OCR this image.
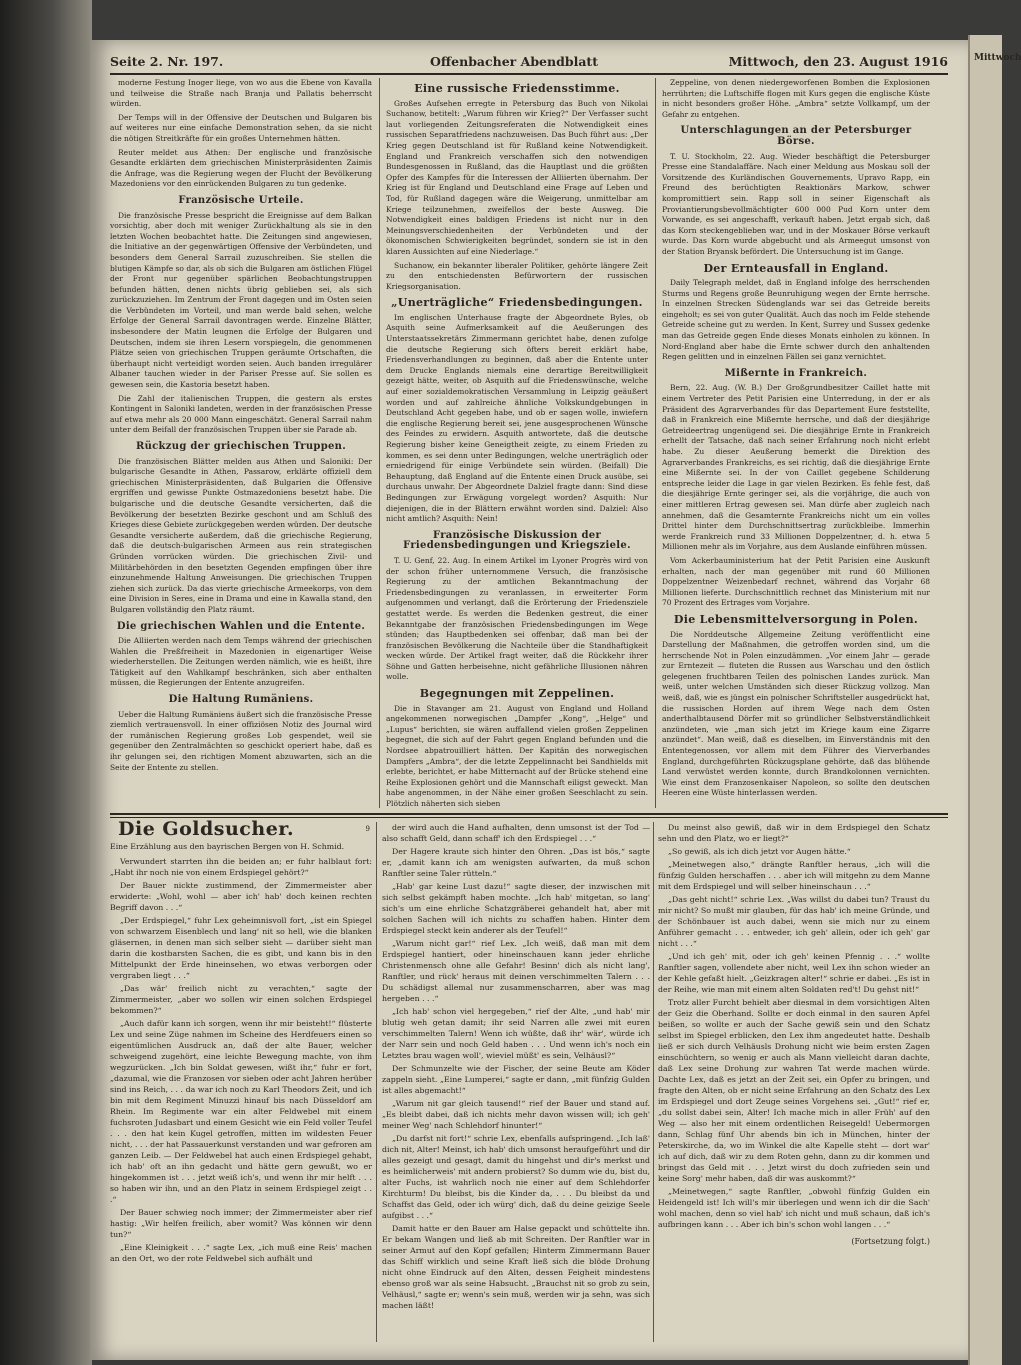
Seite 2. Nr. 197.	Offenbacher Abendblatt	Mittwoch, den 23. August 1916

moderne Festung Inoger liege, von wo aus die Ebene von Kavalla und teilweise die Straße nach Branja und Pallatis beherrscht würden.

Der Temps will in der Offensive der Deutschen und Bulgaren bis auf weiteres nur eine einfache Demonstration sehen, da sie nicht die nötigen Streitkräfte für ein großes Unternehmen hätten.

Reuter meldet aus Athen: Der englische und französische Gesandte erklärten dem griechischen Ministerpräsidenten Zaimis die Anfrage, was die Regierung wegen der Flucht der Bevölkerung Mazedoniens vor den einrückenden Bulgaren zu tun gedenke.

Französische Urteile.

Die französische Presse bespricht die Ereignisse auf dem Balkan vorsichtig, aber doch mit weniger Zurückhaltung als sie in den letzten Wochen beobachtet hatte. Die Zeitungen sind angewiesen, die Initiative an der gegenwärtigen Offensive der Verbündeten, und besonders dem General Sarrail zuzuschreiben. Sie stellen die blutigen Kämpfe so dar, als ob sich die Bulgaren am östlichen Flügel der Front nur gegenüber spärlichen Beobachtungstruppen befunden hätten, denen nichts übrig geblieben sei, als sich zurückzuziehen. Im Zentrum der Front dagegen und im Osten seien die Verbündeten im Vorteil, und man werde bald sehen, welche Erfolge der General Sarrail davontragen werde. Einzelne Blätter, insbesondere der Matin leugnen die Erfolge der Bulgaren und Deutschen, indem sie ihren Lesern vorspiegeln, die genommenen Plätze seien von griechischen Truppen geräumte Ortschaften, die überhaupt nicht verteidigt worden seien. Auch banden irregulärer Albaner tauchen wieder in der Pariser Presse auf. Sie sollen es gewesen sein, die Kastoria besetzt haben.

Die Zahl der italienischen Truppen, die gestern als erstes Kontingent in Saloniki landeten, werden in der französischen Presse auf etwa mehr als 20 000 Mann eingeschätzt. General Sarrail nahm unter dem Beifall der französischen Truppen über sie Parade ab.

Rückzug der griechischen Truppen.

Die französischen Blätter melden aus Athen und Saloniki: Der bulgarische Gesandte in Athen, Passarow, erklärte offiziell dem griechischen Ministerpräsidenten, daß Bulgarien die Offensive ergriffen und gewisse Punkte Ostmazedoniens besetzt habe. Die bulgarische und die deutsche Gesandte versicherten, daß die Bevölkerung der besetzten Bezirke geschont und am Schluß des Krieges diese Gebiete zurückgegeben werden würden. Der deutsche Gesandte versicherte außerdem, daß die griechische Regierung, daß die deutsch-bulgarischen Armeen aus rein strategischen Gründen vorrücken würden. Die griechischen Zivil- und Militärbehörden in den besetzten Gegenden empfingen über ihre einzunehmende Haltung Anweisungen. Die griechischen Truppen ziehen sich zurück. Da das vierte griechische Armeekorps, von dem eine Division in Seres, eine in Drama und eine in Kawalla stand, den Bulgaren vollständig den Platz räumt.

Die griechischen Wahlen und die Entente.

Die Alliierten werden nach dem Temps während der griechischen Wahlen die Preßfreiheit in Mazedonien in eigenartiger Weise wiederherstellen. Die Zeitungen werden nämlich, wie es heißt, ihre Tätigkeit auf den Wahlkampf beschränken, sich aber enthalten müssen, die Regierungen der Entente anzugreifen.

Die Haltung Rumäniens.

Ueber die Haltung Rumäniens äußert sich die französische Presse ziemlich vertrauensvoll. In einer offiziösen Notiz des Journal wird der rumänischen Regierung großes Lob gespendet, weil sie gegenüber den Zentralmächten so geschickt operiert habe, daß es ihr gelungen sei, den richtigen Moment abzuwarten, sich an die Seite der Entente zu stellen.

Eine russische Friedensstimme.

Großes Aufsehen erregte in Petersburg das Buch von Nikolai Suchanow, betitelt: „Warum führen wir Krieg?“ Der Verfasser sucht laut vorliegenden Zeitungsreferaten die Notwendigkeit eines russischen Separatfriedens nachzuweisen. Das Buch führt aus: „Der Krieg gegen Deutschland ist für Rußland keine Notwendigkeit. England und Frankreich verschaffen sich den notwendigen Bundesgenossen in Rußland, das die Hauptlast und die größten Opfer des Kampfes für die Interessen der Alliierten übernahm. Der Krieg ist für England und Deutschland eine Frage auf Leben und Tod, für Rußland dagegen wäre die Weigerung, unmittelbar am Kriege teilzunehmen, zweifellos der beste Ausweg. Die Notwendigkeit eines baldigen Friedens ist nicht nur in den Meinungsverschiedenheiten der Verbündeten und der ökonomischen Schwierigkeiten begründet, sondern sie ist in den klaren Aussichten auf eine Niederlage.“

Suchanow, ein bekannter liberaler Politiker, gehörte längere Zeit zu den entschiedensten Befürwortern der russischen Kriegsorganisation.

„Unerträgliche“ Friedensbedingungen.

Im englischen Unterhause fragte der Abgeordnete Byles, ob Asquith seine Aufmerksamkeit auf die Aeußerungen des Unterstaatssekretärs Zimmermann gerichtet habe, denen zufolge die deutsche Regierung sich öfters bereit erklärt habe, Friedensverhandlungen zu beginnen, daß aber die Entente unter dem Drucke Englands niemals eine derartige Bereitwilligkeit gezeigt hätte, weiter, ob Asquith auf die Friedenswünsche, welche auf einer sozialdemokratischen Versammlung in Leipzig geäußert worden und auf zahlreiche ähnliche Volkskundgebungen in Deutschland Acht gegeben habe, und ob er sagen wolle, inwiefern die englische Regierung bereit sei, jene ausgesprochenen Wünsche des Feindes zu erwidern. Asquith antwortete, daß die deutsche Regierung bisher keine Geneigtheit zeigte, zu einem Frieden zu kommen, es sei denn unter Bedingungen, welche unerträglich oder erniedrigend für einige Verbündete sein würden. (Beifall) Die Behauptung, daß England auf die Entente einen Druck ausübe, sei durchaus unwahr. Der Abgeordnete Dalziel fragte dann: Sind diese Bedingungen zur Erwägung vorgelegt worden? Asquith: Nur diejenigen, die in der Blättern erwähnt worden sind. Dalziel: Also nicht amtlich? Asquith: Nein!

Französische Diskussion der Friedensbedingungen und Kriegsziele.

T. U. Genf, 22. Aug. In einem Artikel im Lyoner Progrès wird von der schon früher unternommene Versuch, die französische Regierung zu der amtlichen Bekanntmachung der Friedensbedingungen zu veranlassen, in erweiterter Form aufgenommen und verlangt, daß die Erörterung der Friedensziele gestattet werde. Es werden die Bedenken gestreut, die einer Bekanntgabe der französischen Friedensbedingungen im Wege stünden; das Hauptbedenken sei offenbar, daß man bei der französischen Bevölkerung die Nachteile über die Standhaftigkeit wecken würde. Der Artikel fragt weiter, daß die Rückkehr ihrer Söhne und Gatten herbeisehne, nicht gefährliche Illusionen nähren wolle.

Begegnungen mit Zeppelinen.

Die in Stavanger am 21. August von England und Holland angekommenen norwegischen „Dampfer „Kong“, „Helge“ und „Lupus“ berichten, sie wären auffallend vielen großen Zeppelinen begegnet, die sich auf der Fahrt gegen England befunden und die Nordsee abpatrouilliert hätten. Der Kapitän des norwegischen Dampfers „Ambra“, der die letzte Zeppelinnacht bei Sandhields mit erlebte, berichtet, er habe Mitternacht auf der Brücke stehend eine Reihe Explosionen gehört und die Mannschaft eiligst geweckt. Man habe angenommen, in der Nähe einer großen Seeschlacht zu sein. Plötzlich näherten sich sieben

Zeppeline, von denen niedergeworfenen Bomben die Explosionen herrührten; die Luftschiffe flogen mit Kurs gegen die englische Küste in nicht besonders großer Höhe. „Ambra“ setzte Vollkampf, um der Gefahr zu entgehen.

Unterschlagungen an der Petersburger Börse.

T. U. Stockholm, 22. Aug. Wieder beschäftigt die Petersburger Presse eine Standalaffäre. Nach einer Meldung aus Moskau soll der Vorsitzende des Kurländischen Gouvernements, Upravo Rapp, ein Freund des berüchtigten Reaktionärs Markow, schwer kompromittiert sein. Rapp soll in seiner Eigenschaft als Proviantierungsbevollmächtigter 600 000 Pud Korn unter dem Vorwande, es sei angeschafft, verkauft haben. Jetzt ergab sich, daß das Korn steckengeblieben war, und in der Moskauer Börse verkauft wurde. Das Korn wurde abgebucht und als Armeegut umsonst von der Station Bryansk befördert. Die Untersuchung ist im Gange.

Der Ernteausfall in England.

Daily Telegraph meldet, daß in England infolge des herrschenden Sturms und Regens große Beunruhigung wegen der Ernte herrsche. In einzelnen Strecken Südenglands war sei das Getreide bereits eingeholt; es sei von guter Qualität. Auch das noch im Felde stehende Getreide scheine gut zu werden. In Kent, Surrey und Sussex gedenke man das Getreide gegen Ende dieses Monats einholen zu können. In Nord-England aber habe die Ernte schwer durch den anhaltenden Regen gelitten und in einzelnen Fällen sei ganz vernichtet.

Mißernte in Frankreich.

Bern, 22. Aug. (W. B.) Der Großgrundbesitzer Caillet hatte mit einem Vertreter des Petit Parisien eine Unterredung, in der er als Präsident des Agrarverbandes für das Departement Eure feststellte, daß in Frankreich eine Mißernte herrsche, und daß der diesjährige Getreideertrag ungenügend sei. Die diesjährige Ernte in Frankreich erhellt der Tatsache, daß nach seiner Erfahrung noch nicht erlebt habe. Zu dieser Aeußerung bemerkt die Direktion des Agrarverbandes Frankreichs, es sei richtig, daß die diesjährige Ernte eine Mißernte sei. In der von Caillet gegebene Schilderung entspreche leider die Lage in gar vielen Bezirken. Es fehle fest, daß die diesjährige Ernte geringer sei, als die vorjährige, die auch von einer mittleren Ertrag gewesen sei. Man dürfe aber zugleich nach annehmen, daß die Gesamternte Frankreichs nicht um ein volles Drittel hinter dem Durchschnittsertrag zurückbleibe. Immerhin werde Frankreich rund 33 Millionen Doppelzentner, d. h. etwa 5 Millionen mehr als im Vorjahre, aus dem Auslande einführen müssen.

Vom Ackerbauministerium hat der Petit Parisien eine Auskunft erhalten, nach der man gegenüber mit rund 60 Millionen Doppelzentner Weizenbedarf rechnet, während das Vorjahr 68 Millionen lieferte. Durchschnittlich rechnet das Ministerium mit nur 70 Prozent des Ertrages vom Vorjahre.

Die Lebensmittelversorgung in Polen.

Die Norddeutsche Allgemeine Zeitung veröffentlicht eine Darstellung der Maßnahmen, die getroffen worden sind, um die herrschende Not in Polen einzudämmen. „Vor einem Jahr — gerade zur Erntezeit — fluteten die Russen aus Warschau und den östlich gelegenen fruchtbaren Teilen des polnischen Landes zurück. Man weiß, unter welchen Umständen sich dieser Rückzug vollzog. Man weiß, daß, wie es jüngst ein polnischer Schriftsteller ausgedrückt hat, die russischen Horden auf ihrem Wege nach dem Osten anderthalbtausend Dörfer mit so gründlicher Selbstverständlichkeit anzündeten, wie „man sich jetzt im Kriege kaum eine Zigarre anzündet“. Man weiß, daß es dieselben, im Einverständnis mit den Ententegenossen, vor allem mit dem Führer des Vierverbandes England, durchgeführten Rückzugsplane gehörte, daß das blühende Land verwüstet werden konnte, durch Brandkolonnen vernichten. Wie einst dem Franzosenkaiser Napoleon, so sollte den deutschen Heeren eine Wüste hinterlassen werden.

9
Die Goldsucher.
Eine Erzählung aus den bayrischen Bergen von H. Schmid.

Verwundert starrten ihn die beiden an; er fuhr halblaut fort: „Habt ihr noch nie von einem Erdspiegel gehört?“

Der Bauer nickte zustimmend, der Zimmermeister aber erwiderte: „Wohl, wohl — aber ich' hab' doch keinen rechten Begriff davon . . .“

„Der Erdspiegel,“ fuhr Lex geheimnisvoll fort, „ist ein Spiegel von schwarzem Eisenblech und lang' nit so hell, wie die blanken gläsernen, in denen man sich selber sieht — darüber sieht man darin die kostbarsten Sachen, die es gibt, und kann bis in den Mittelpunkt der Erde hineinsehen, wo etwas verborgen oder vergraben liegt . . .“

„Das wär' freilich nicht zu verachten,“ sagte der Zimmermeister, „aber wo sollen wir einen solchen Erdspiegel bekommen?“

„Auch dafür kann ich sorgen, wenn ihr mir beisteht!“ flüsterte Lex und seine Züge nahmen im Scheine des Herdfeuers einen so eigentümlichen Ausdruck an, daß der alte Bauer, welcher schweigend zugehört, eine leichte Bewegung machte, von ihm wegzurücken. „Ich bin Soldat gewesen, wißt ihr,“ fuhr er fort, „dazumal, wie die Franzosen vor sieben oder acht Jahren herüber sind ins Reich, . . . da war ich noch zu Karl Theodors Zeit, und ich bin mit dem Regiment Minuzzi hinauf bis nach Düsseldorf am Rhein. Im Regimente war ein alter Feldwebel mit einem fuchsroten Judasbart und einem Gesicht wie ein Feld voller Teufel . . . den hat kein Kugel getroffen, mitten im wildesten Feuer nicht, . . . der hat Passauerkunst verstanden und war gefroren am ganzen Leib. — Der Feldwebel hat auch einen Erdspiegel gehabt, ich hab' oft an ihn gedacht und hätte gern gewußt, wo er hingekommen ist . . . jetzt weiß ich's, und wenn ihr mir helft . . . so haben wir ihn, und an den Platz in seinem Erdspiegel zeigt . . .“

Der Bauer schwieg noch immer; der Zimmermeister aber rief hastig: „Wir helfen freilich, aber womit? Was können wir denn tun?“

„Eine Kleinigkeit . . .“ sagte Lex, „ich muß eine Reis' machen an den Ort, wo der rote Feldwebel sich aufhält und

der wird auch die Hand aufhalten, denn umsonst ist der Tod — also schafft Geld, dann schaff' ich den Erdspiegel . . .“

Der Hagere kraute sich hinter den Ohren. „Das ist bös,“ sagte er, „damit kann ich am wenigsten aufwarten, da muß schon Ranftler seine Taler rütteln.“

„Hab' gar keine Lust dazu!“ sagte dieser, der inzwischen mit sich selbst gekämpft haben mochte. „Ich hab' mitgetan, so lang' sich's um eine ehrliche Schatzgräberei gehandelt hat, aber mit solchen Sachen will ich nichts zu schaffen haben. Hinter dem Erdspiegel steckt kein anderer als der Teufel!“

„Warum nicht gar!“ rief Lex. „Ich weiß, daß man mit dem Erdspiegel hantiert, oder hineinschauen kann jeder ehrliche Christenmensch ohne alle Gefahr! Besinn' dich als nicht lang', Ranftler, und rück' heraus mit deinen verschimmelten Talern . . . Du schädigst allemal nur zusammenscharren, aber was mag hergeben . . .“

„Ich hab' schon viel hergegeben,“ rief der Alte, „und hab' mir blutig weh getan damit; ihr seid Narren alle zwei mit euren verschimmelten Talern! Wenn ich wüßte, daß ihr' wär', würde ich der Narr sein und noch Geld haben . . . Und wenn ich's noch ein Letztes brau wagen woll', wieviel müßt' es sein, Velhäusl?“

Der Schmunzelte wie der Fischer, der seine Beute am Köder zappeln sieht. „Eine Lumperei,“ sagte er dann, „mit fünfzig Gulden ist alles abgemacht!“

„Warum nit gar gleich tausend!“ rief der Bauer und stand auf. „Es bleibt dabei, daß ich nichts mehr davon wissen will; ich geh' meiner Weg' nach Schlehdorf hinunter!“

„Du darfst nit fort!“ schrie Lex, ebenfalls aufspringend. „Ich laß' dich nit, Alter! Meinst, ich hab' dich umsonst heraufgeführt und dir alles gezeigt und gesagt, damit du hingehst und dir's merkst und es heimlicherweis' mit andern probierst? So dumm wie du, bist du, alter Fuchs, ist wahrlich noch nie einer auf dem Schlehdorfer Kirchturm! Du bleibst, bis die Kinder da, . . . Du bleibst da und Schaffst das Geld, oder ich würg' dich, daß du deine geizige Seele aufgibst . . .“

Damit hatte er den Bauer am Halse gepackt und schüttelte ihn. Er bekam Wangen und ließ ab mit Schreiten. Der Ranftler war in seiner Armut auf den Kopf gefallen; Hinterm Zimmermann Bauer das Schiff wirklich und seine Kraft ließ sich die blöde Drohung nicht ohne Eindruck auf den Alten, dessen Feigheit mindestens ebenso groß war als seine Habsucht. „Brauchst nit so grob zu sein, Velhäusl,“ sagte er; wenn's sein muß, werden wir ja sehn, was sich machen läßt!

Du meinst also gewiß, daß wir in dem Erdspiegel den Schatz sehn und den Platz, wo er liegt?“

„So gewiß, als ich dich jetzt vor Augen hätte.“

„Meinetwegen also,“ drängte Ranftler heraus, „ich will die fünfzig Gulden herschaffen . . . aber ich will mitgehn zu dem Manne mit dem Erdspiegel und will selber hineinschaun . . .“

„Das geht nicht!“ schrie Lex. „Was willst du dabei tun? Traust du mir nicht? So mußt mir glauben, für das hab' ich meine Gründe, und der Schönbauer ist auch dabei, wenn sie mich nur zu einem Anführer gemacht . . . entweder, ich geh' allein, oder ich geh' gar nicht . . .“

„Und ich geh' mit, oder ich geh' keinen Pfennig . . .“ wollte Ranftler sagen, vollendete aber nicht, weil Lex ihn schon wieder an der Kehle gefaßt hielt. „Geizkragen alter!“ schrie er dabei. „Es ist in der Reihe, wie man mit einem alten Soldaten red't! Du gehst nit!“

Trotz aller Furcht behielt aber diesmal in dem vorsichtigen Alten der Geiz die Oberhand. Sollte er doch einmal in den sauren Apfel beißen, so wollte er auch der Sache gewiß sein und den Schatz selbst im Spiegel erblicken, den Lex ihm angedeutet hatte. Deshalb ließ er sich durch Velhäusls Drohung nicht wie beim ersten Zagen einschüchtern, so wenig er auch als Mann vielleicht daran dachte, daß Lex seine Drohung zur wahren Tat werde machen würde. Dachte Lex, daß es jetzt an der Zeit sei, ein Opfer zu bringen, und fragte den Alten, ob er nicht seine Erfahrung an den Schatz des Lex im Erdspiegel und dort Zeuge seines Vorgehens sei. „Gut!“ rief er, „du sollst dabei sein, Alter! Ich mache mich in aller Früh' auf den Weg — also her mit einem ordentlichen Reisegeld! Uebermorgen dann, Schlag fünf Uhr abends bin ich in München, hinter der Peterskirche, da, wo im Winkel die alte Kapelle steht — dort war' ich auf dich, daß wir zu dem Roten gehn, dann zu dir kommen und bringst das Geld mit . . . Jetzt wirst du doch zufrieden sein und keine Sorg' mehr haben, daß dir was auskommt?“

„Meinetwegen,“ sagte Ranftler, „obwohl fünfzig Gulden ein Heidengeld ist! Ich will's mir überlegen und wenn ich dir die Sach' wohl machen, denn so viel hab' ich nicht und muß schaun, daß ich's aufbringen kann . . . Aber ich bin's schon wohl langen . . .“

(Fortsetzung folgt.)
Mittwoch
